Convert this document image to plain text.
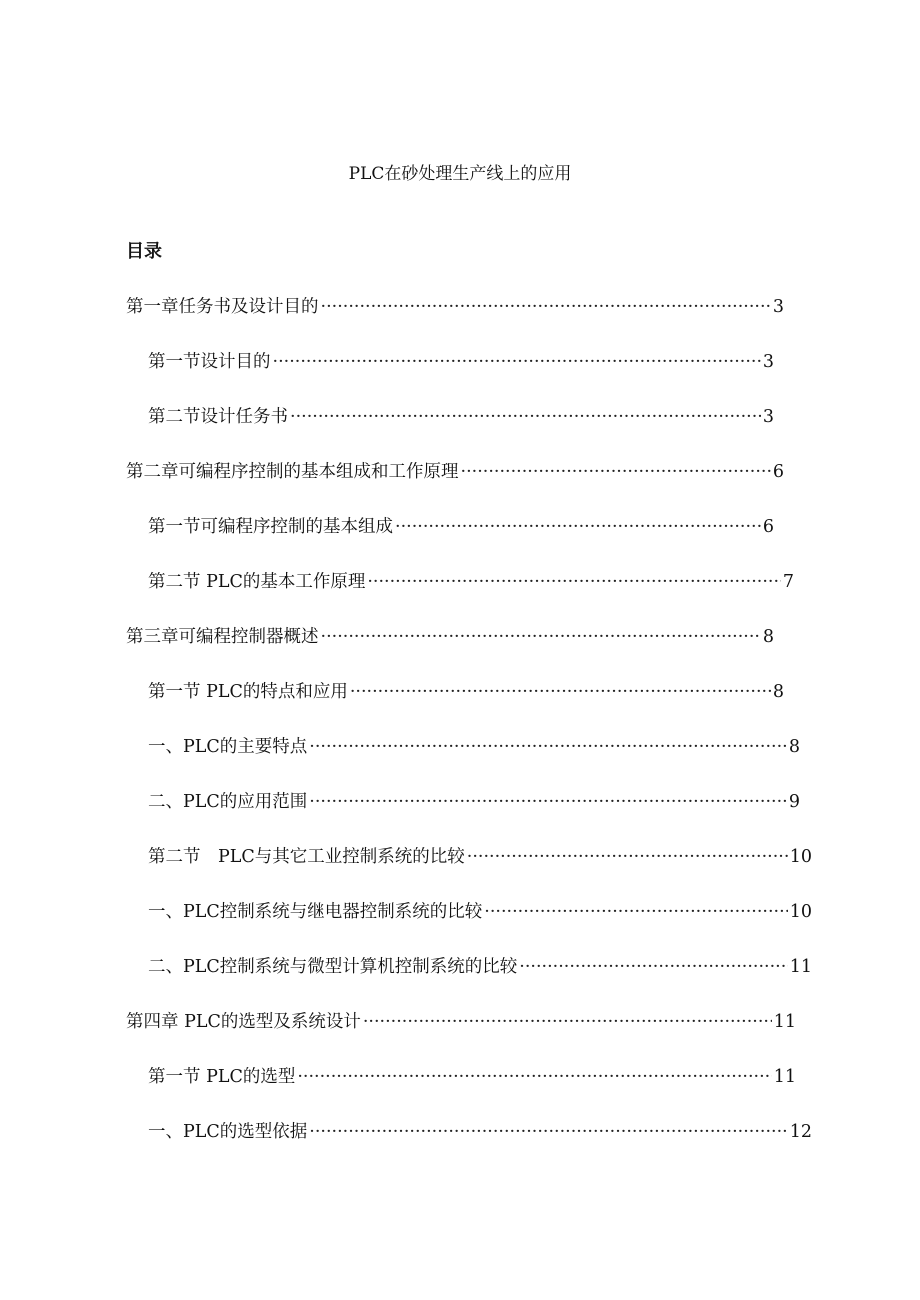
PLC在砂处理生产线上的应用
目录
第一章任务书及设计目的 ·····	3
第一节设计目的 ·····	3
第二节设计任务书 ·····	3
第二章可编程序控制的基本组成和工作原理 ·····	6
第一节可编程序控制的基本组成 ·····	6
第二节 PLC的基本工作原理 ·····	7
第三章可编程控制器概述 ·····	8
第一节 PLC的特点和应用 ·····	8
一、PLC的主要特点 ·····	8
二、PLC的应用范围 ·····	9
第二节　PLC与其它工业控制系统的比较 ·····	10
一、PLC控制系统与继电器控制系统的比较 ·····	10
二、PLC控制系统与微型计算机控制系统的比较 ·····	11
第四章 PLC的选型及系统设计 ·····	11
第一节 PLC的选型 ·····	11
一、PLC的选型依据 ·····	12
